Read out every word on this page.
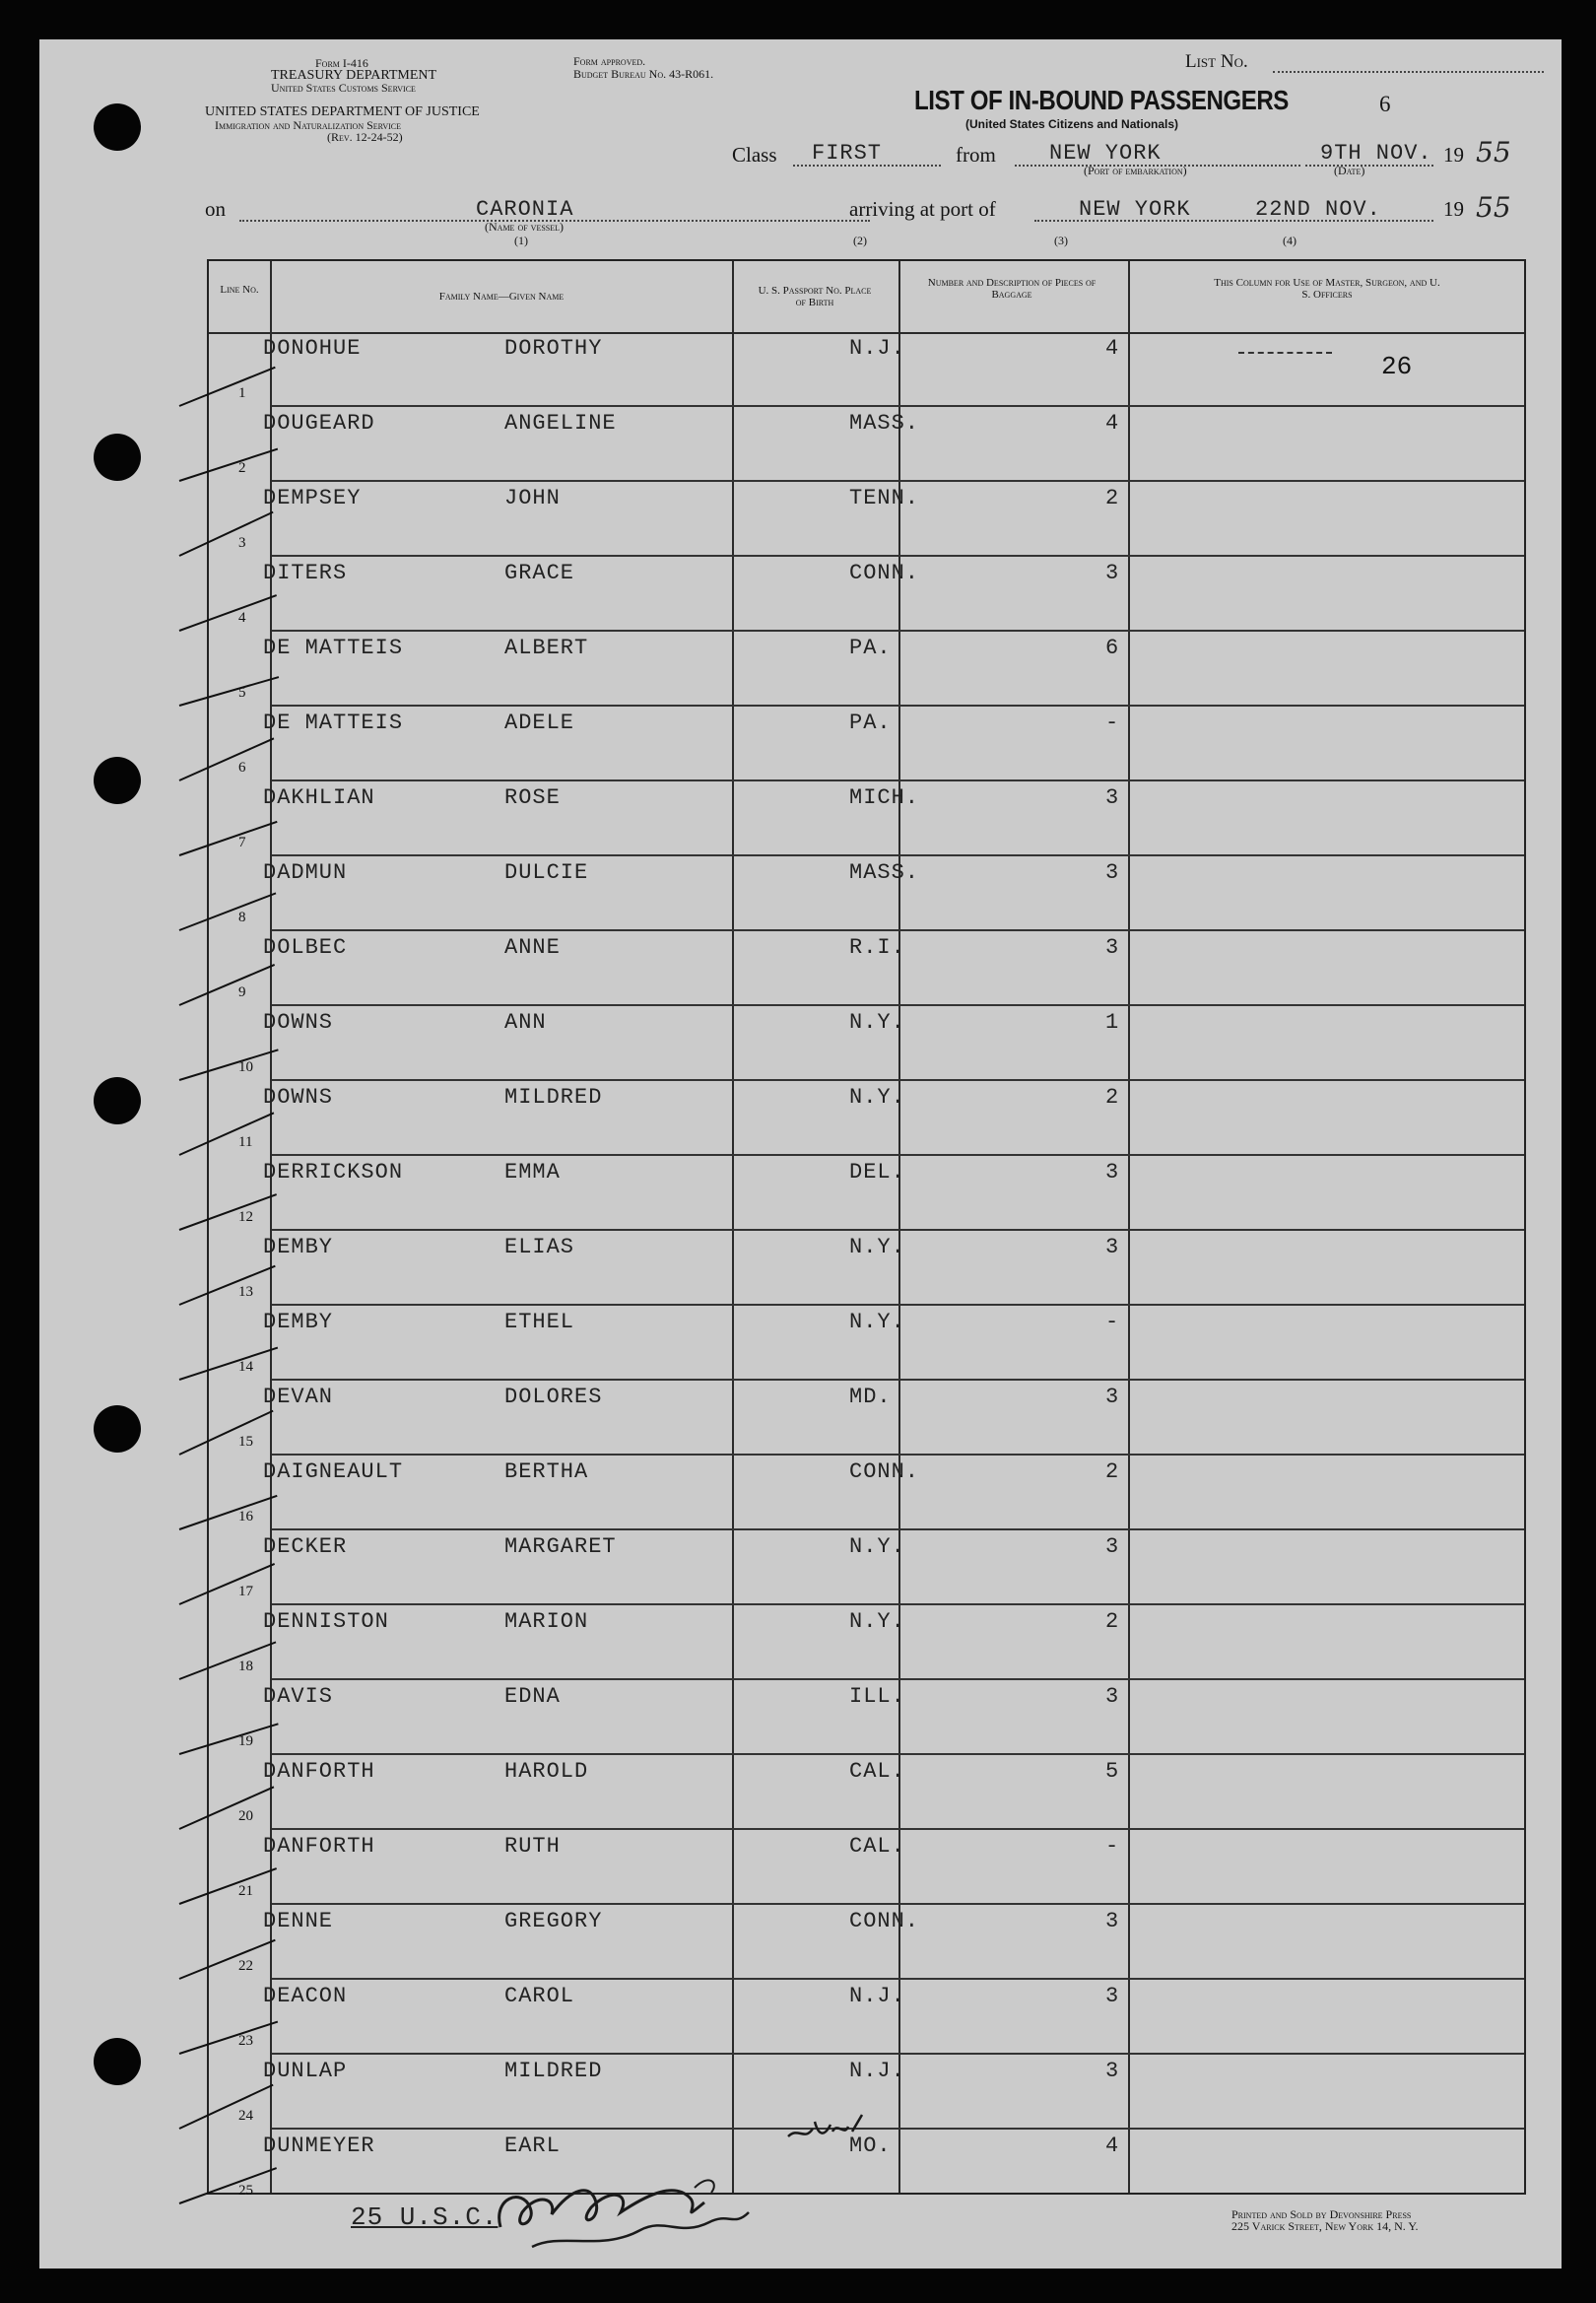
Form I-416
TREASURY DEPARTMENT
United States Customs Service
UNITED STATES DEPARTMENT OF JUSTICE
Immigration and Naturalization Service
(Rev. 12-24-52)
Form approved.
Budget Bureau No. 43-R061.
List No.
LIST OF IN-BOUND PASSENGERS
(United States Citizens and Nationals)
6
Class FIRST	from NEW YORK
(Port of embarkation)
9TH NOV.
(Date)
19 55
on	CARONIA
(Name of vessel)
(1)
arriving at port of	NEW YORK	22ND NOV.	19 55
(2)	(3)	(4)
Line No.
Family Name—Given Name	U. S. Passport No. Place of Birth
Number and Description of Pieces of Baggage
This Column for Use of Master, Surgeon, and U. S. Officers
26
DONOHUE	DOROTHY	N.J.	4
1
DOUGEARD	ANGELINE	MASS.	4
2
DEMPSEY	JOHN	TENN.	2
3
DITERS	GRACE	CONN.	3
4
DE MATTEIS	ALBERT	PA.	6
5
DE MATTEIS	ADELE	PA.	-
6
DAKHLIAN	ROSE	MICH.	3
7
DADMUN	DULCIE	MASS.	3
8
DOLBEC	ANNE	R.I.	3
9
DOWNS	ANN	N.Y.	1
10
DOWNS	MILDRED	N.Y.	2
11
DERRICKSON	EMMA	DEL.	3
12
DEMBY	ELIAS	N.Y.	3
13
DEMBY	ETHEL	N.Y.	-
14
DEVAN	DOLORES	MD.	3
15
DAIGNEAULT	BERTHA	CONN.	2
16
DECKER	MARGARET	N.Y.	3
17
DENNISTON	MARION	N.Y.	2
18
DAVIS	EDNA	ILL.	3
19
DANFORTH	HAROLD	CAL.	5
20
DANFORTH	RUTH	CAL.	-
21
DENNE	GREGORY	CONN.	3
22
DEACON	CAROL	N.J.	3
23
DUNLAP	MILDRED	N.J.	3
24
DUNMEYER	EARL	MO.	4
25
25 U.S.C.	Printed and Sold by Devonshire Press
225 Varick Street, New York 14, N. Y.
